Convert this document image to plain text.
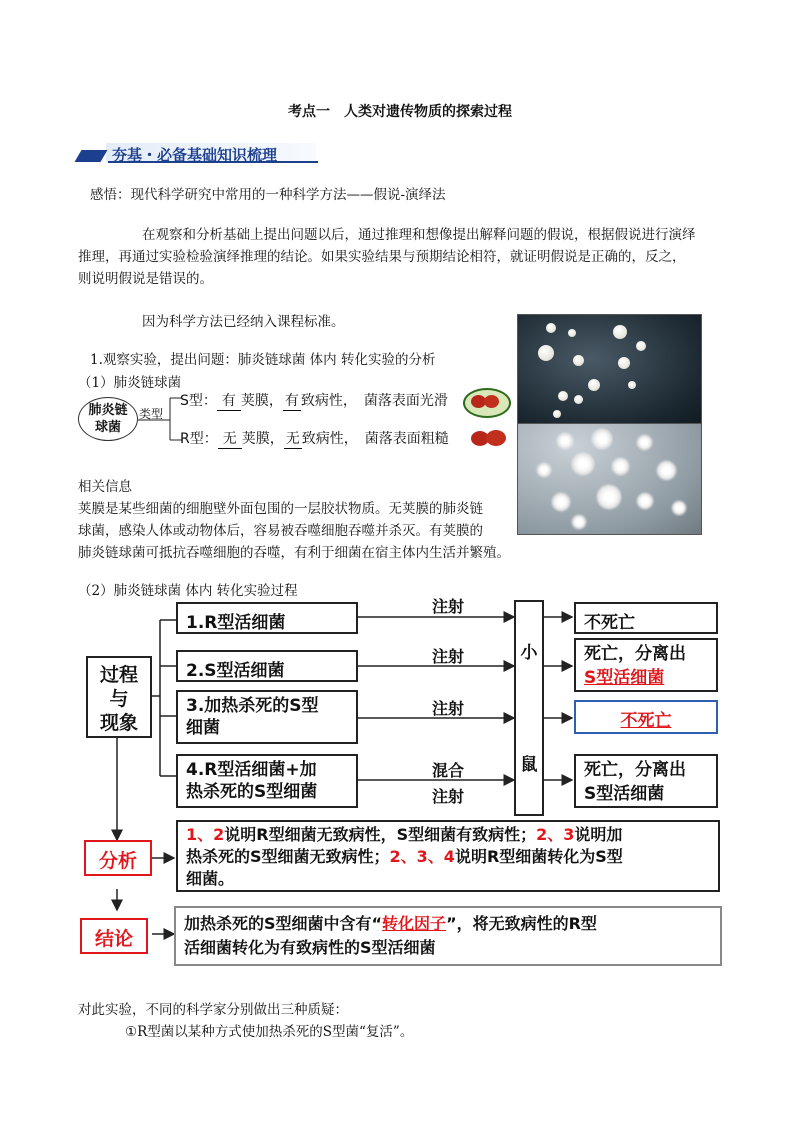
考点一　人类对遗传物质的探索过程
夯基・必备基础知识梳理
感悟：现代科学研究中常用的一种科学方法——假说-演绎法
在观察和分析基础上提出问题以后，通过推理和想像提出解释问题的假说，根据假说进行演绎
推理，再通过实验检验演绎推理的结论。如果实验结果与预期结论相符，就证明假说是正确的，反之，
则说明假说是错误的。
因为科学方法已经纳入课程标准。
1.观察实验，提出问题：肺炎链球菌 体内 转化实验的分析
（1）肺炎链球菌
肺炎链
球菌
类型
S型： 有 荚膜， 有 致病性，　菌落表面光滑
R型： 无 荚膜， 无 致病性，　菌落表面粗糙
相关信息
荚膜是某些细菌的细胞壁外面包围的一层胶状物质。无荚膜的肺炎链
球菌，感染人体或动物体后，容易被吞噬细胞吞噬并杀灭。有荚膜的
肺炎链球菌可抵抗吞噬细胞的吞噬，有利于细菌在宿主体内生活并繁殖。
（2）肺炎链球菌 体内 转化实验过程
过程
与
现象
1.R型活细菌
2.S型活细菌
3.加热杀死的S型
细菌
4.R型活细菌+加
热杀死的S型细菌
注射
注射
注射
混合
注射
小
鼠
不死亡
死亡，分离出
S型活细菌
不死亡
死亡，分离出
S型活细菌
分析
1、2说明R型细菌无致病性，S型细菌有致病性；2、3说明加
热杀死的S型细菌无致病性；2、3、4说明R型细菌转化为S型
细菌。
结论
加热杀死的S型细菌中含有“转化因子”，将无致病性的R型
活细菌转化为有致病性的S型活细菌
对此实验，不同的科学家分别做出三种质疑：
①R型菌以某种方式使加热杀死的S型菌“复活”。
